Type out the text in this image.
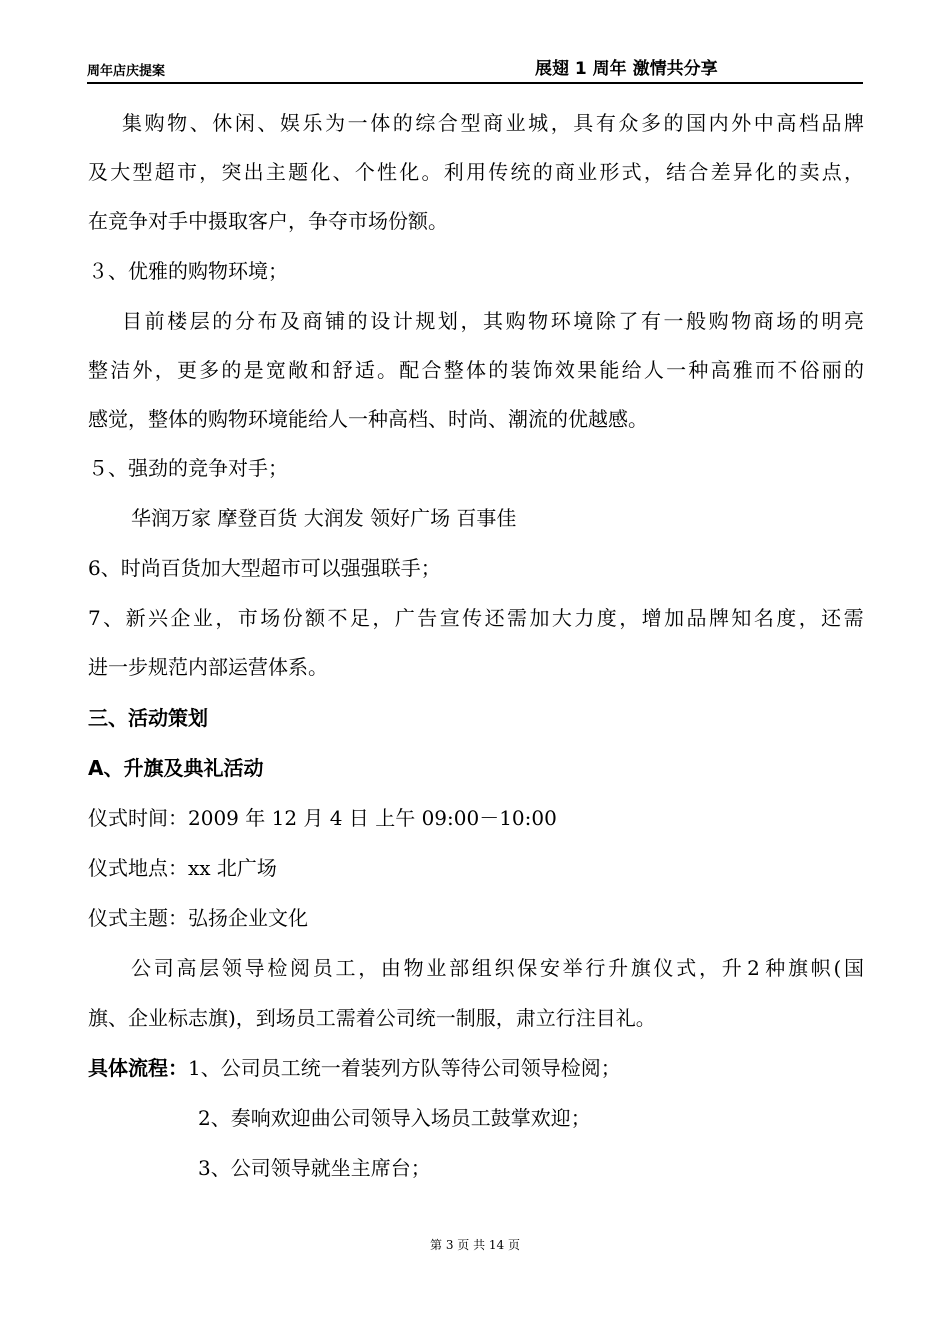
周年店庆提案	展翅 1 周年 激情共分享
集 购 物 、 休 闲 、 娱 乐 为 一 体 的 综 合 型 商 业 城 ， 具 有 众 多 的 国 内 外 中 高 档 品 牌
及 大 型 超 市 ， 突 出 主 题 化 、 个 性 化 。 利 用 传 统 的 商 业 形 式 ， 结 合 差 异 化 的 卖 点 ，
在竞争对手中摄取客户，争夺市场份额。
３、优雅的购物环境；
目 前 楼 层 的 分 布 及 商 铺 的 设 计 规 划 ， 其 购 物 环 境 除 了 有 一 般 购 物 商 场 的 明 亮
整 洁 外 ， 更 多 的 是 宽 敞 和 舒 适 。 配 合 整 体 的 装 饰 效 果 能 给 人 一 种 高 雅 而 不 俗 丽 的
感觉，整体的购物环境能给人一种高档、时尚、潮流的优越感。
５、强劲的竞争对手；
华润万家 摩登百货 大润发 领好广场 百事佳
6、时尚百货加大型超市可以强强联手；
7 、 新 兴 企 业 ， 市 场 份 额 不 足 ， 广 告 宣 传 还 需 加 大 力 度 ， 增 加 品 牌 知 名 度 ， 还 需
进一步规范内部运营体系。
三、活动策划
A、升旗及典礼活动
仪式时间：2009 年 12 月 4 日 上午 09:00－10:00
仪式地点：xx 北广场
仪式主题：弘扬企业文化
公 司 高 层 领 导 检 阅 员 工 ， 由 物 业 部 组 织 保 安 举 行 升 旗 仪 式 ， 升 2 种 旗 帜 ( 国
旗、企业标志旗)，到场员工需着公司统一制服，肃立行注目礼。
具体流程：1、公司员工统一着装列方队等待公司领导检阅；
2、奏响欢迎曲公司领导入场员工鼓掌欢迎；
3、公司领导就坐主席台；
第 3 页 共 14 页
